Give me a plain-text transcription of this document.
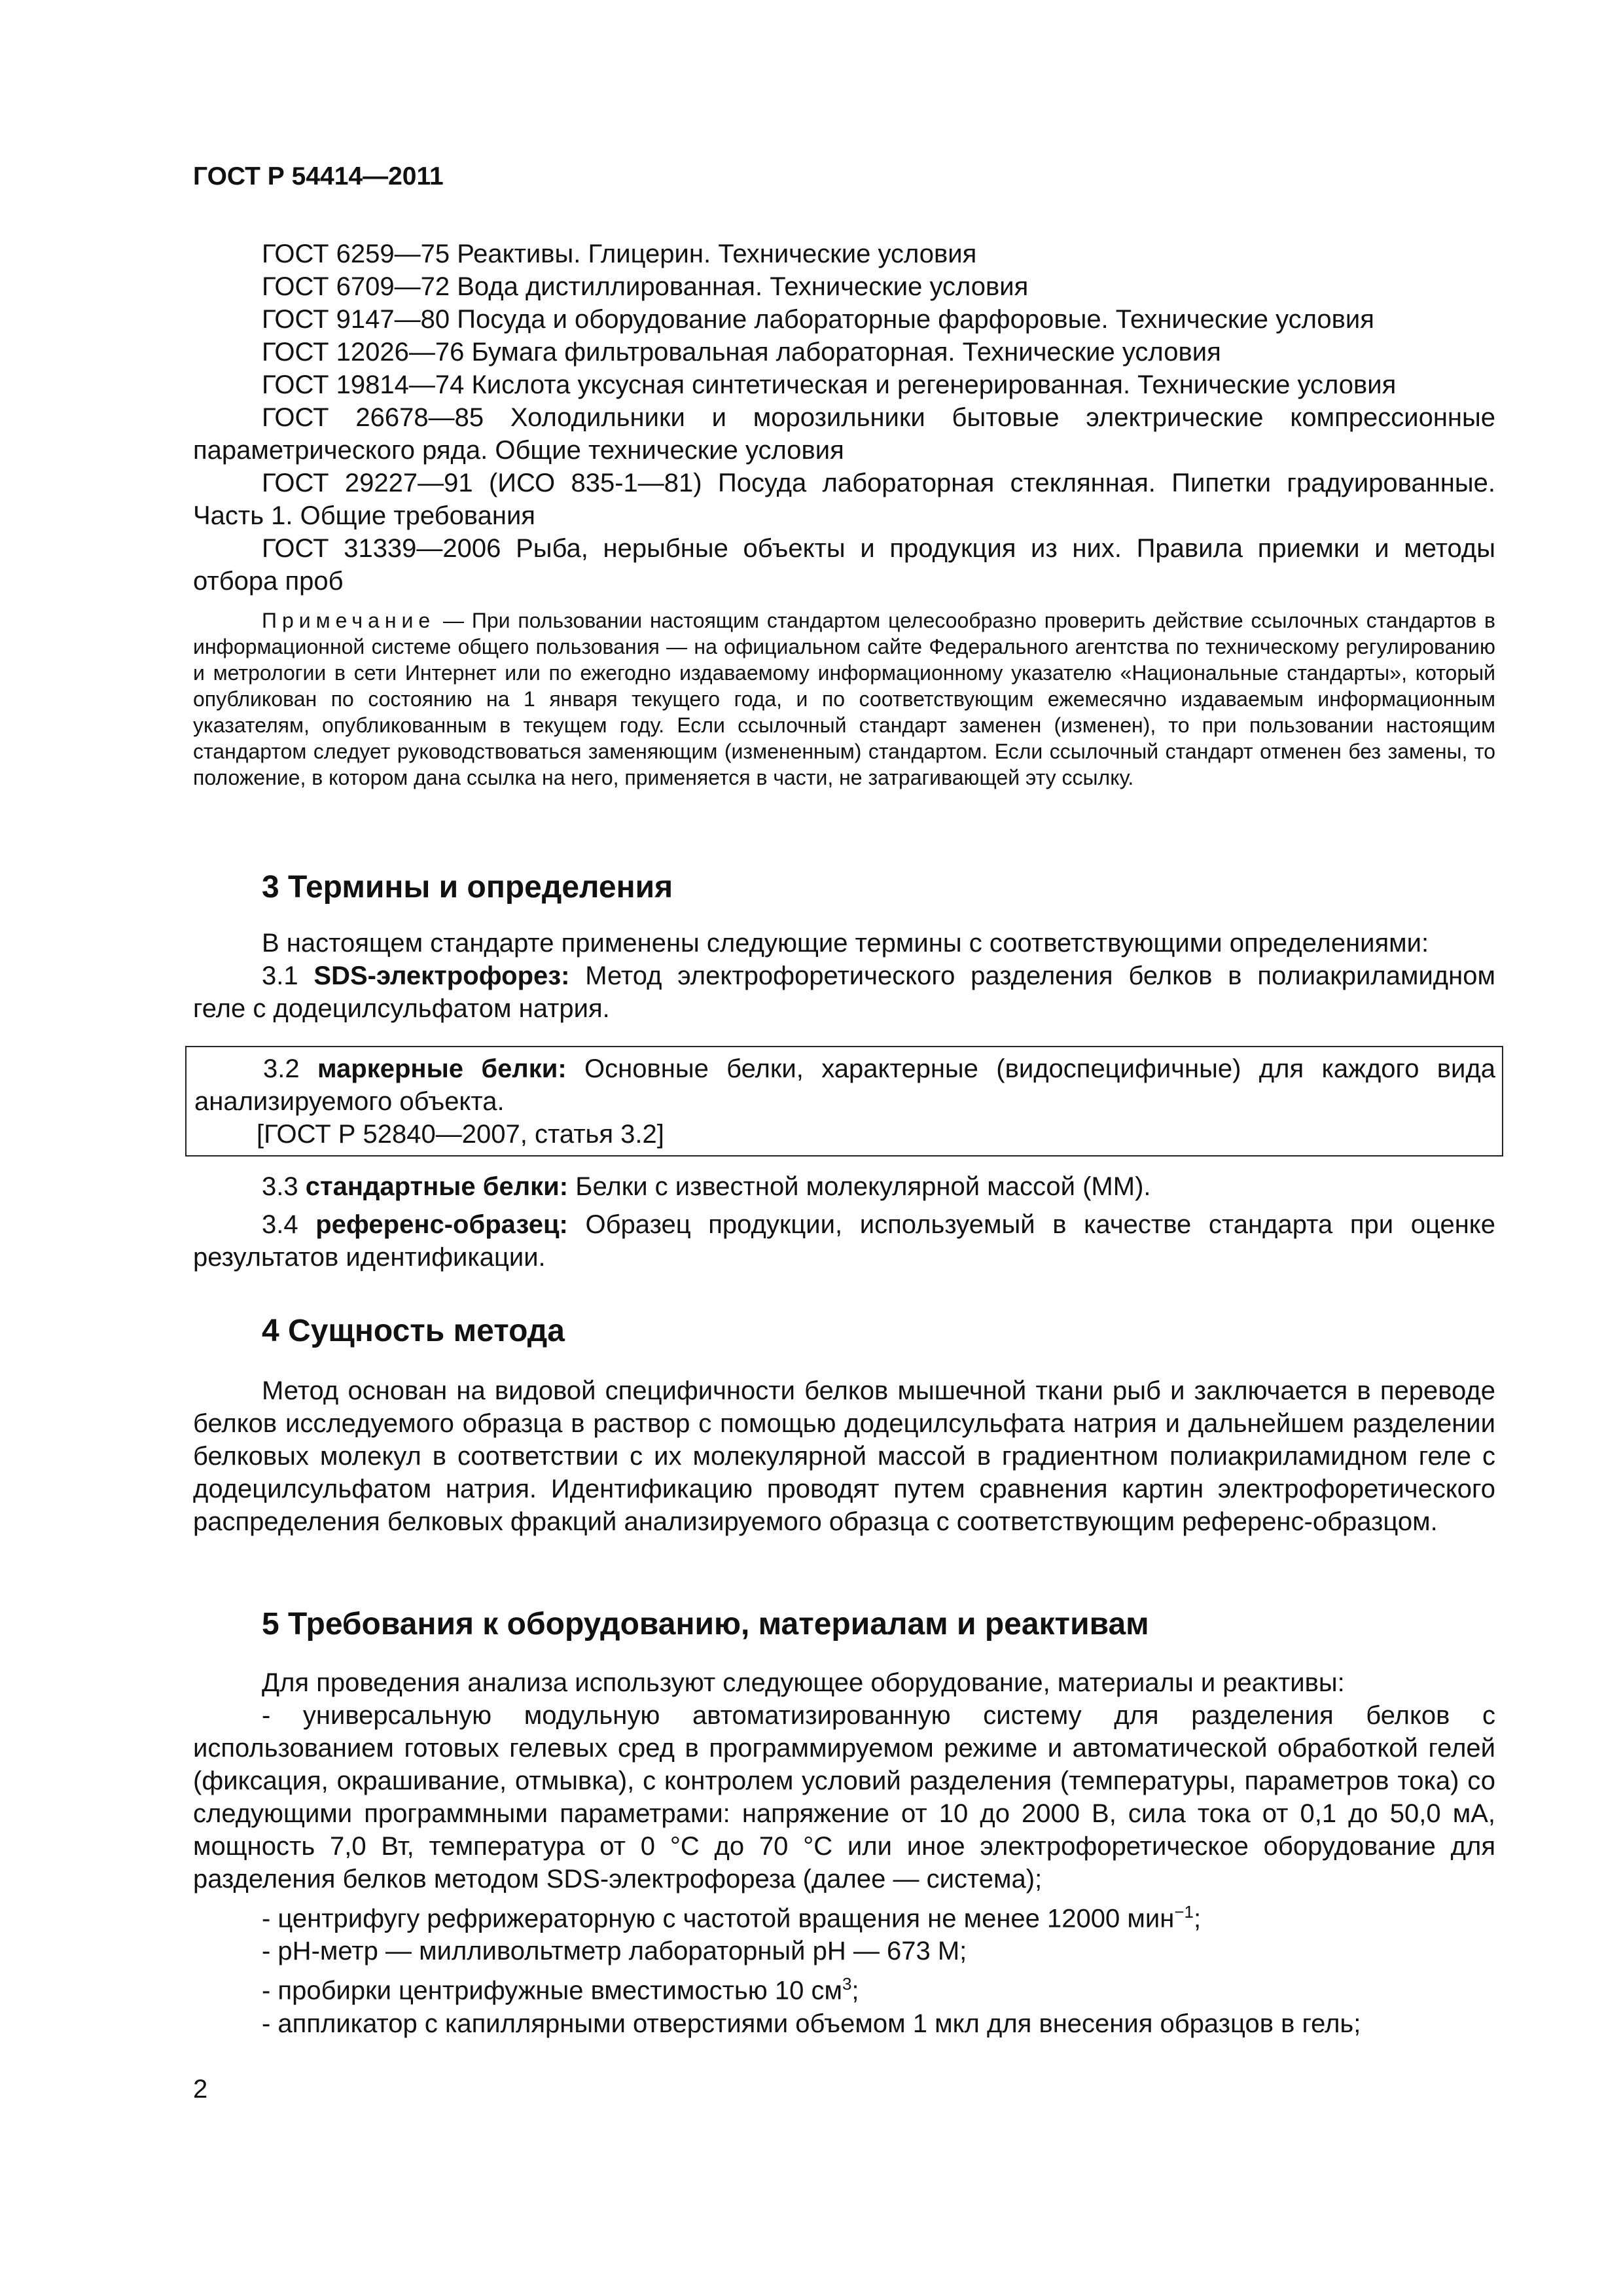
ГОСТ Р 54414—2011

ГОСТ 6259—75 Реактивы. Глицерин. Технические условия

ГОСТ 6709—72 Вода дистиллированная. Технические условия

ГОСТ 9147—80 Посуда и оборудование лабораторные фарфоровые. Технические условия

ГОСТ 12026—76 Бумага фильтровальная лабораторная. Технические условия

ГОСТ 19814—74 Кислота уксусная синтетическая и регенерированная. Технические условия

ГОСТ 26678—85 Холодильники и морозильники бытовые электрические компрессионные параметрического ряда. Общие технические условия

ГОСТ 29227—91 (ИСО 835-1—81) Посуда лабораторная стеклянная. Пипетки градуированные. Часть 1. Общие требования

ГОСТ 31339—2006 Рыба, нерыбные объекты и продукция из них. Правила приемки и методы отбора проб

Примечание — При пользовании настоящим стандартом целесообразно проверить действие ссылочных стандартов в информационной системе общего пользования — на официальном сайте Федерального агентства по техническому регулированию и метрологии в сети Интернет или по ежегодно издаваемому информационному указателю «Национальные стандарты», который опубликован по состоянию на 1 января текущего года, и по соответствующим ежемесячно издаваемым информационным указателям, опубликованным в текущем году. Если ссылочный стандарт заменен (изменен), то при пользовании настоящим стандартом следует руководствоваться заменяющим (измененным) стандартом. Если ссылочный стандарт отменен без замены, то положение, в котором дана ссылка на него, применяется в части, не затрагивающей эту ссылку.

3 Термины и определения

В настоящем стандарте применены следующие термины с соответствующими определениями:

3.1 SDS-электрофорез: Метод электрофоретического разделения белков в полиакриламидном геле с додецилсульфатом натрия.

3.2 маркерные белки: Основные белки, характерные (видоспецифичные) для каждого вида анализируемого объекта.

[ГОСТ Р 52840—2007, статья 3.2]

3.3 стандартные белки: Белки с известной молекулярной массой (ММ).

3.4 референс-образец: Образец продукции, используемый в качестве стандарта при оценке результатов идентификации.

4 Сущность метода

Метод основан на видовой специфичности белков мышечной ткани рыб и заключается в переводе белков исследуемого образца в раствор с помощью додецилсульфата натрия и дальнейшем разделении белковых молекул в соответствии с их молекулярной массой в градиентном полиакриламидном геле с додецилсульфатом натрия. Идентификацию проводят путем сравнения картин электрофоретического распределения белковых фракций анализируемого образца с соответствующим референс-образцом.

5 Требования к оборудованию, материалам и реактивам

Для проведения анализа используют следующее оборудование, материалы и реактивы:

- универсальную модульную автоматизированную систему для разделения белков с использованием готовых гелевых сред в программируемом режиме и автоматической обработкой гелей (фиксация, окрашивание, отмывка), с контролем условий разделения (температуры, параметров тока) со следующими программными параметрами: напряжение от 10 до 2000 В, сила тока от 0,1 до 50,0 мА, мощность 7,0 Вт, температура от 0 °С до 70 °С или иное электрофоретическое оборудование для разделения белков методом SDS-электрофореза (далее — система);

- центрифугу рефрижераторную с частотой вращения не менее 12000 мин$^{-1}$;

- pH-метр — милливольтметр лабораторный pH — 673 М;

- пробирки центрифужные вместимостью 10 $см^3$;

- аппликатор с капиллярными отверстиями объемом 1 мкл для внесения образцов в гель;

2
